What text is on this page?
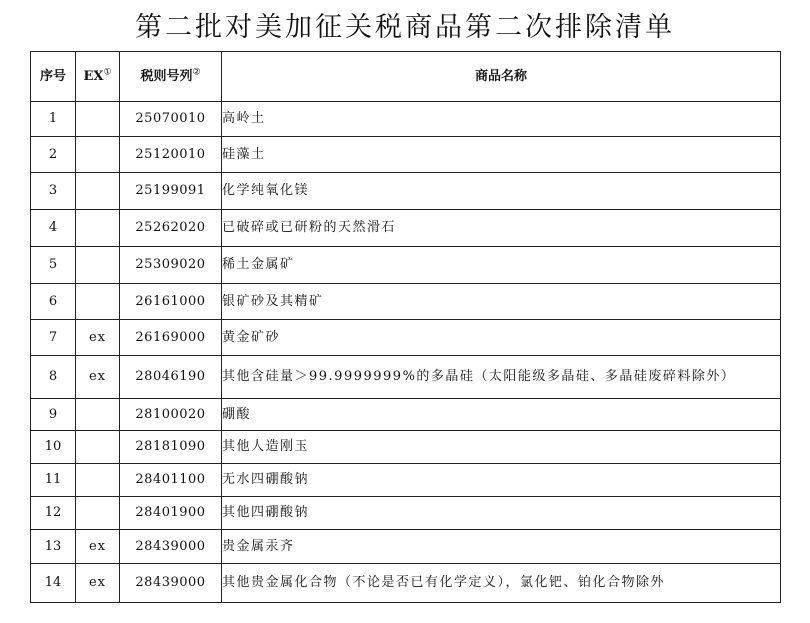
第二批对美加征关税商品第二次排除清单
序号	EX①	税则号列②	商品名称
1		25070010	高岭土
2		25120010	硅藻土
3		25199091	化学纯氧化镁
4		25262020	已破碎或已研粉的天然滑石
5		25309020	稀土金属矿
6		26161000	银矿砂及其精矿
7	ex	26169000	黄金矿砂
8	ex	28046190	其他含硅量＞99.9999999%的多晶硅（太阳能级多晶硅、多晶硅废碎料除外）
9		28100020	硼酸
10		28181090	其他人造刚玉
11		28401100	无水四硼酸钠
12		28401900	其他四硼酸钠
13	ex	28439000	贵金属汞齐
14	ex	28439000	其他贵金属化合物（不论是否已有化学定义），氯化钯、铂化合物除外
